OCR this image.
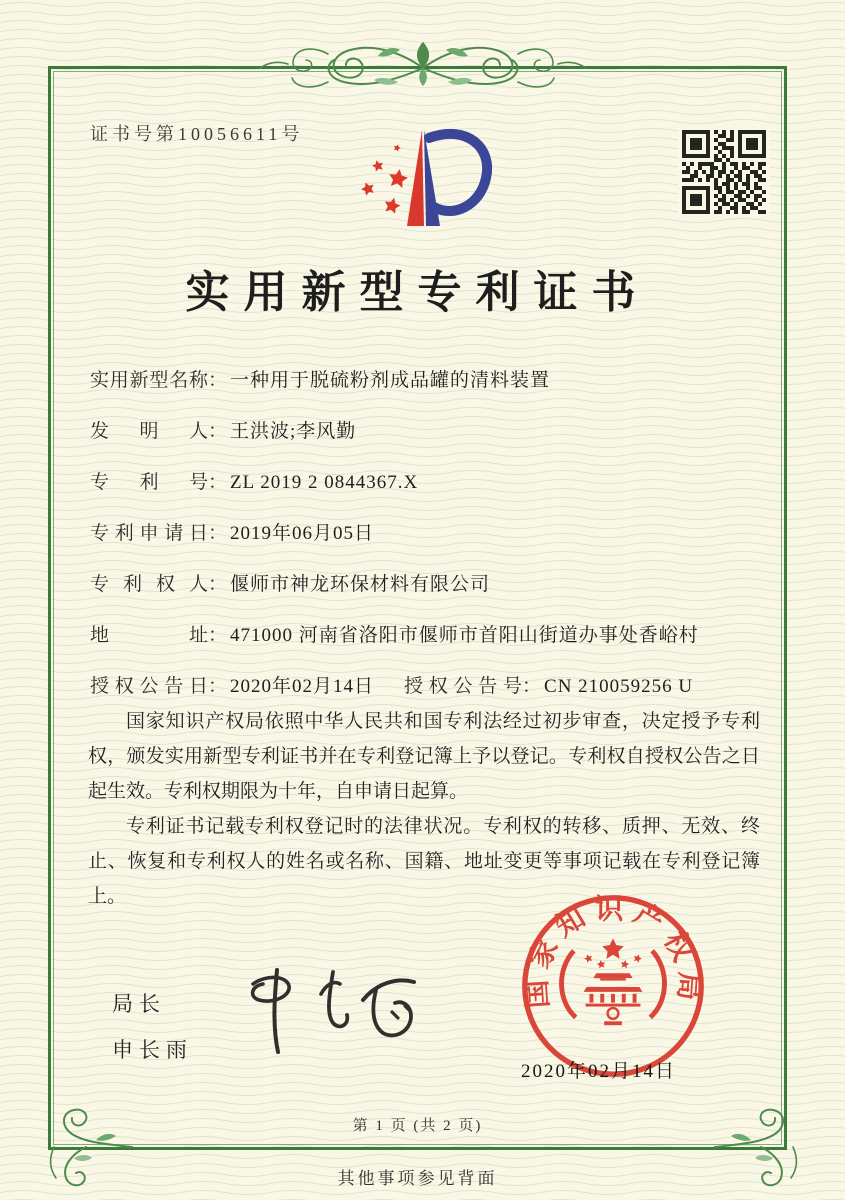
证书号第10056611号
实用新型专利证书
实用新型名称 ： 一种用于脱硫粉剂成品罐的清料装置
发明人 ： 王洪波;李风勤
专利号 ： ZL 2019 2 0844367.X
专利申请日 ： 2019年06月05日
专利权人 ： 偃师市神龙环保材料有限公司
地址 ： 471000 河南省洛阳市偃师市首阳山街道办事处香峪村
授权公告日 ： 2020年02月14日 授权公告号 ： CN 210059256 U

国家知识产权局依照中华人民共和国专利法经过初步审查，决定授予专利权，颁发实用新型专利证书并在专利登记簿上予以登记。专利权自授权公告之日起生效。专利权期限为十年，自申请日起算。

专利证书记载专利权登记时的法律状况。专利权的转移、质押、无效、终止、恢复和专利权人的姓名或名称、国籍、地址变更等事项记载在专利登记簿上。

局长
申长雨
国家知识产权局
2020年02月14日
第 1 页 (共 2 页)
其他事项参见背面
